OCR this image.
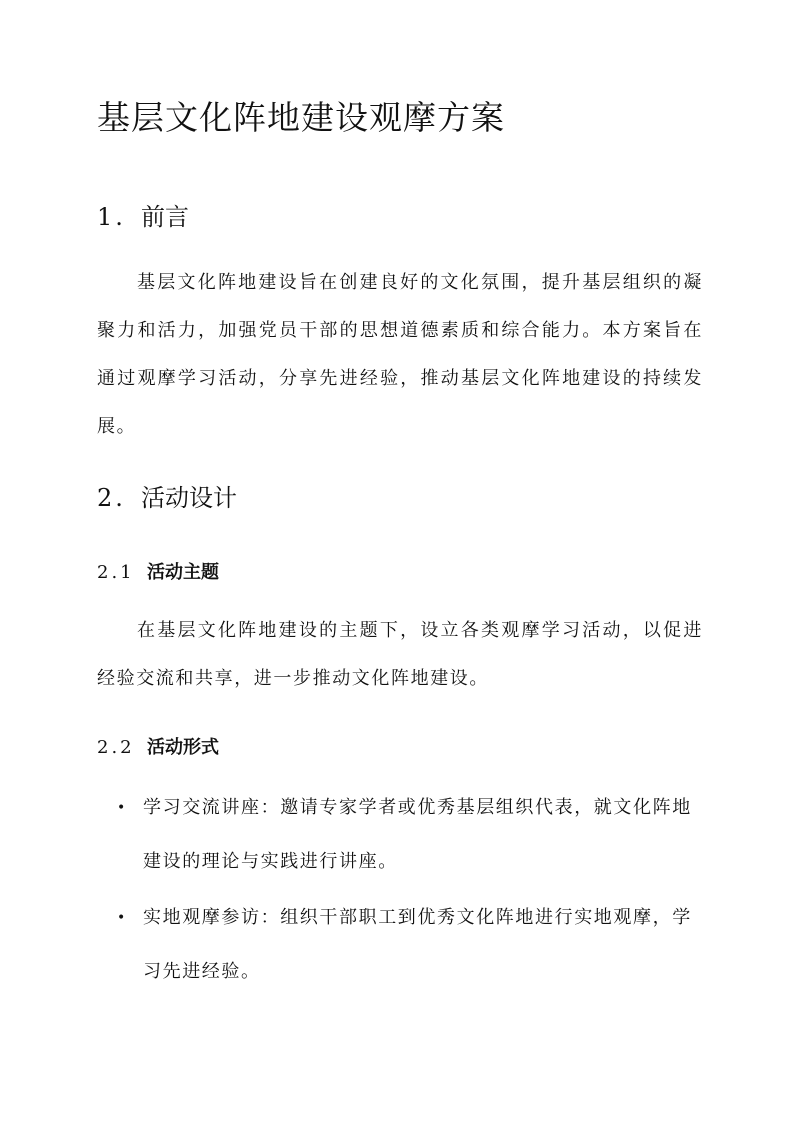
基层文化阵地建设观摩方案
1. 前言

基层文化阵地建设旨在创建良好的文化氛围，提升基层组织的凝聚力和活力，加强党员干部的思想道德素质和综合能力。本方案旨在通过观摩学习活动，分享先进经验，推动基层文化阵地建设的持续发展。

2. 活动设计
2.1 活动主题

在基层文化阵地建设的主题下，设立各类观摩学习活动，以促进经验交流和共享，进一步推动文化阵地建设。

2.2 活动形式
• 学习交流讲座：邀请专家学者或优秀基层组织代表，就文化阵地建设的理论与实践进行讲座。
• 实地观摩参访：组织干部职工到优秀文化阵地进行实地观摩，学习先进经验。
